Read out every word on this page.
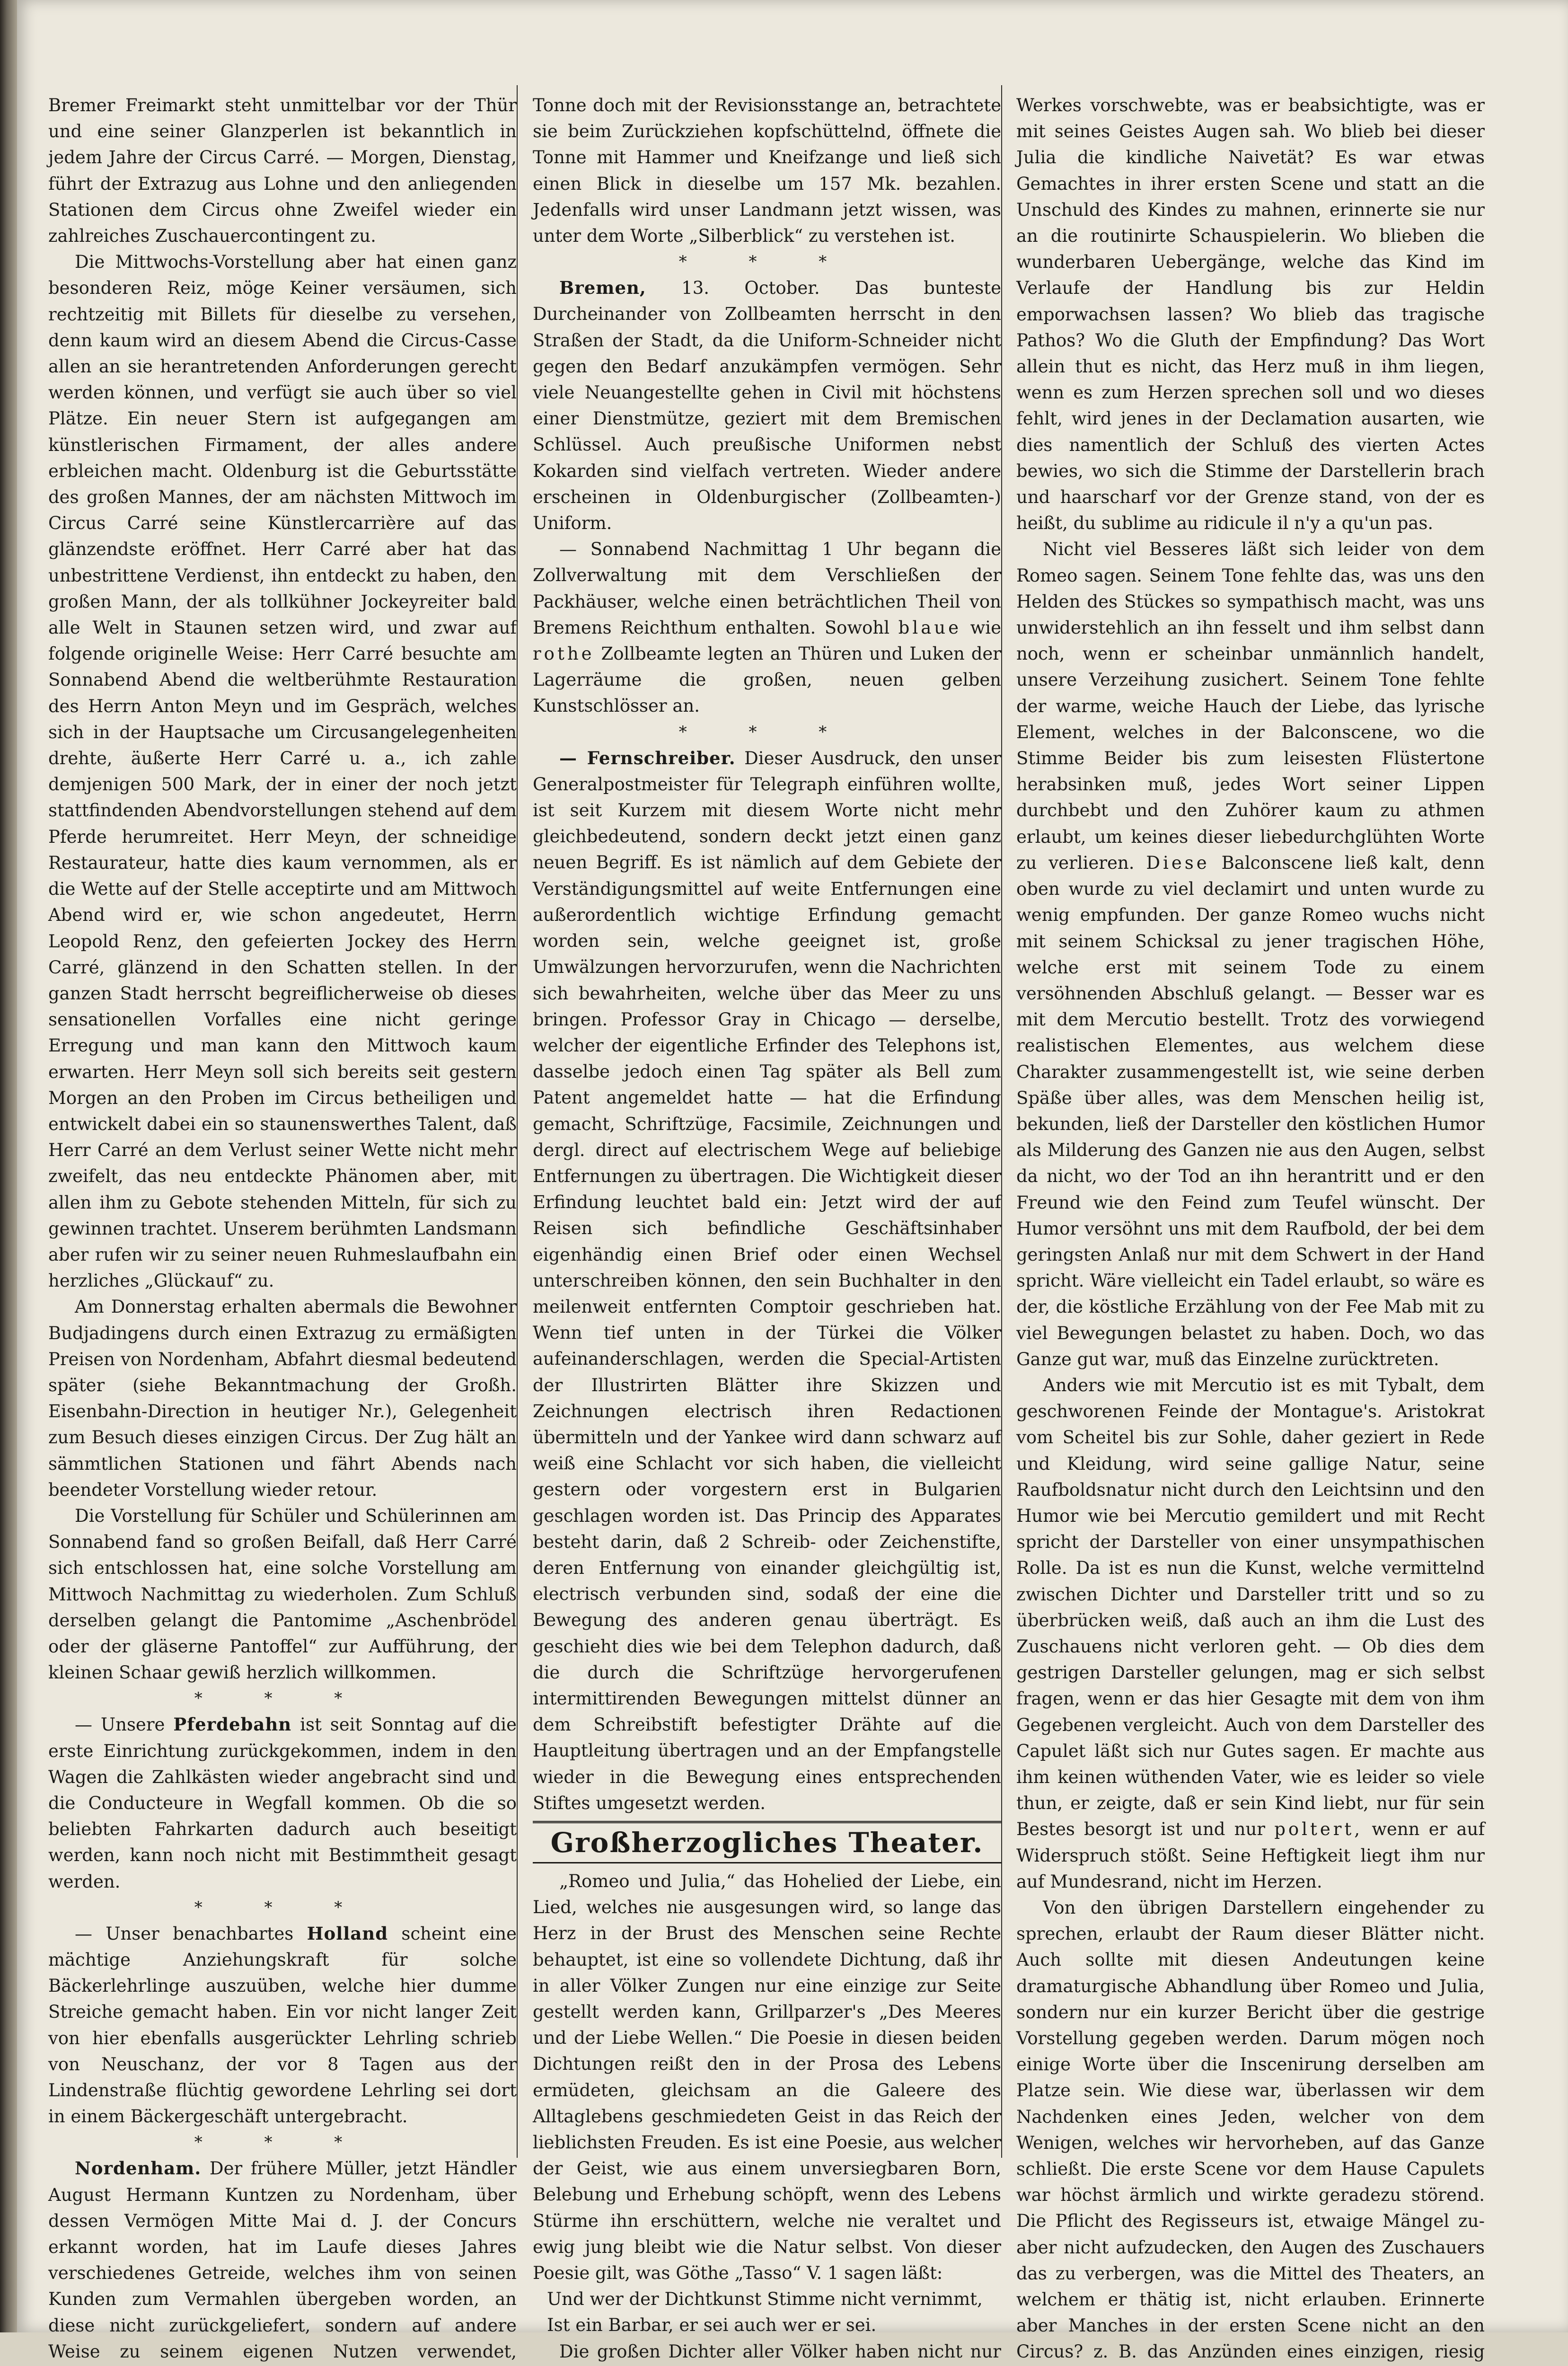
Bremer Freimarkt steht unmittelbar vor der Thür und eine seiner Glanzperlen ist bekanntlich in jedem Jahre der Circus Carré. — Morgen, Dienstag, führt der Extrazug aus Lohne und den anliegenden Stationen dem Circus ohne Zweifel wieder ein zahlreiches Zuschauercontingent zu.

Die Mittwochs-Vorstellung aber hat einen ganz besonderen Reiz, möge Keiner versäumen, sich rechtzeitig mit Billets für dieselbe zu versehen, denn kaum wird an diesem Abend die Circus-Casse allen an sie herantretenden Anforderungen gerecht werden können, und verfügt sie auch über so viel Plätze. Ein neuer Stern ist aufgegangen am künstlerischen Firmament, der alles andere erbleichen macht. Oldenburg ist die Geburtsstätte des großen Mannes, der am nächsten Mittwoch im Circus Carré seine Künstlercarrière auf das glänzendste eröffnet. Herr Carré aber hat das unbestrittene Verdienst, ihn entdeckt zu haben, den großen Mann, der als tollkühner Jockeyreiter bald alle Welt in Staunen setzen wird, und zwar auf folgende originelle Weise: Herr Carré besuchte am Sonnabend Abend die weltberühmte Restauration des Herrn Anton Meyn und im Gespräch, welches sich in der Hauptsache um Circusangelegenheiten drehte, äußerte Herr Carré u. a., ich zahle demjenigen 500 Mark, der in einer der noch jetzt stattfindenden Abendvorstellungen stehend auf dem Pferde herumreitet. Herr Meyn, der schneidige Restaurateur, hatte dies kaum vernommen, als er die Wette auf der Stelle acceptirte und am Mittwoch Abend wird er, wie schon angedeutet, Herrn Leopold Renz, den gefeierten Jockey des Herrn Carré, glänzend in den Schatten stellen. In der ganzen Stadt herrscht begreiflicherweise ob dieses sensationellen Vorfalles eine nicht geringe Erregung und man kann den Mittwoch kaum erwarten. Herr Meyn soll sich bereits seit gestern Morgen an den Proben im Circus betheiligen und entwickelt dabei ein so staunenswerthes Talent, daß Herr Carré an dem Verlust seiner Wette nicht mehr zweifelt, das neu entdeckte Phänomen aber, mit allen ihm zu Gebote stehenden Mitteln, für sich zu gewinnen trachtet. Unserem berühmten Landsmann aber rufen wir zu seiner neuen Ruhmeslaufbahn ein herzliches „Glückauf“ zu.

Am Donnerstag erhalten abermals die Bewohner Budjadingens durch einen Extrazug zu ermäßigten Preisen von Nordenham, Abfahrt diesmal bedeutend später (siehe Bekanntmachung der Großh. Eisenbahn-Direction in heutiger Nr.), Gelegenheit zum Besuch dieses einzigen Circus. Der Zug hält an sämmtlichen Stationen und fährt Abends nach beendeter Vorstellung wieder retour.

Die Vorstellung für Schüler und Schülerinnen am Sonnabend fand so großen Beifall, daß Herr Carré sich entschlossen hat, eine solche Vorstellung am Mittwoch Nachmittag zu wiederholen. Zum Schluß derselben gelangt die Pantomime „Aschenbrödel oder der gläserne Pantoffel“ zur Aufführung, der kleinen Schaar gewiß herzlich willkommen.

* * *

— Unsere Pferdebahn ist seit Sonntag auf die erste Einrichtung zurückgekommen, indem in den Wagen die Zahlkästen wieder angebracht sind und die Conducteure in Wegfall kommen. Ob die so beliebten Fahrkarten dadurch auch beseitigt werden, kann noch nicht mit Bestimmtheit gesagt werden.

* * *

— Unser benachbartes Holland scheint eine mächtige Anziehungskraft für solche Bäckerlehrlinge auszuüben, welche hier dumme Streiche gemacht haben. Ein vor nicht langer Zeit von hier ebenfalls ausgerückter Lehrling schrieb von Neuschanz, der vor 8 Tagen aus der Lindenstraße flüchtig gewordene Lehrling sei dort in einem Bäckergeschäft untergebracht.

* * *

Nordenham. Der frühere Müller, jetzt Händler August Hermann Kuntzen zu Nordenham, über dessen Vermögen Mitte Mai d. J. der Concurs erkannt worden, hat im Laufe dieses Jahres verschiedenes Getreide, welches ihm von seinen Kunden zum Vermahlen übergeben worden, an diese nicht zurückgeliefert, sondern auf andere Weise zu seinem eigenen Nutzen verwendet,

Tonne doch mit der Revisionsstange an, betrachtete sie beim Zurückziehen kopfschüttelnd, öffnete die Tonne mit Hammer und Kneifzange und ließ sich einen Blick in dieselbe um 157 Mk. bezahlen. Jedenfalls wird unser Landmann jetzt wissen, was unter dem Worte „Silberblick“ zu verstehen ist.

* * *

Bremen, 13. October. Das bunteste Durcheinander von Zollbeamten herrscht in den Straßen der Stadt, da die Uniform-Schneider nicht gegen den Bedarf anzukämpfen vermögen. Sehr viele Neuangestellte gehen in Civil mit höchstens einer Dienstmütze, geziert mit dem Bremischen Schlüssel. Auch preußische Uniformen nebst Kokarden sind vielfach vertreten. Wieder andere erscheinen in Oldenburgischer (Zollbeamten-) Uniform.

— Sonnabend Nachmittag 1 Uhr begann die Zollverwaltung mit dem Verschließen der Packhäuser, welche einen beträchtlichen Theil von Bremens Reichthum enthalten. Sowohl blaue wie rothe Zollbeamte legten an Thüren und Luken der Lagerräume die großen, neuen gelben Kunstschlösser an.

* * *

— Fernschreiber. Dieser Ausdruck, den unser Generalpostmeister für Telegraph einführen wollte, ist seit Kurzem mit diesem Worte nicht mehr gleichbedeutend, sondern deckt jetzt einen ganz neuen Begriff. Es ist nämlich auf dem Gebiete der Verständigungsmittel auf weite Entfernungen eine außerordentlich wichtige Erfindung gemacht worden sein, welche geeignet ist, große Umwälzungen hervorzurufen, wenn die Nachrichten sich bewahrheiten, welche über das Meer zu uns bringen. Professor Gray in Chicago — derselbe, welcher der eigentliche Erfinder des Telephons ist, dasselbe jedoch einen Tag später als Bell zum Patent angemeldet hatte — hat die Erfindung gemacht, Schriftzüge, Facsimile, Zeichnungen und dergl. direct auf electrischem Wege auf beliebige Entfernungen zu übertragen. Die Wichtigkeit dieser Erfindung leuchtet bald ein: Jetzt wird der auf Reisen sich befindliche Geschäftsinhaber eigenhändig einen Brief oder einen Wechsel unterschreiben können, den sein Buchhalter in den meilenweit entfernten Comptoir geschrieben hat. Wenn tief unten in der Türkei die Völker aufeinanderschlagen, werden die Special-Artisten der Illustrirten Blätter ihre Skizzen und Zeichnungen electrisch ihren Redactionen übermitteln und der Yankee wird dann schwarz auf weiß eine Schlacht vor sich haben, die vielleicht gestern oder vorgestern erst in Bulgarien geschlagen worden ist. Das Princip des Apparates besteht darin, daß 2 Schreib- oder Zeichenstifte, deren Entfernung von einander gleichgültig ist, electrisch verbunden sind, sodaß der eine die Bewegung des anderen genau überträgt. Es geschieht dies wie bei dem Telephon dadurch, daß die durch die Schriftzüge hervorgerufenen intermittirenden Bewegungen mittelst dünner an dem Schreibstift befestigter Drähte auf die Hauptleitung übertragen und an der Empfangstelle wieder in die Bewegung eines entsprechenden Stiftes umgesetzt werden.

Großherzogliches Theater.

„Romeo und Julia,“ das Hohelied der Liebe, ein Lied, welches nie ausgesungen wird, so lange das Herz in der Brust des Menschen seine Rechte behauptet, ist eine so vollendete Dichtung, daß ihr in aller Völker Zungen nur eine einzige zur Seite gestellt werden kann, Grillparzer's „Des Meeres und der Liebe Wellen.“ Die Poesie in diesen beiden Dichtungen reißt den in der Prosa des Lebens ermüdeten, gleichsam an die Galeere des Alltaglebens geschmiedeten Geist in das Reich der lieblichsten Freuden. Es ist eine Poesie, aus welcher der Geist, wie aus einem unversiegbaren Born, Belebung und Erhebung schöpft, wenn des Lebens Stürme ihn erschüttern, welche nie veraltet und ewig jung bleibt wie die Natur selbst. Von dieser Poesie gilt, was Göthe „Tasso“ V. 1 sagen läßt:

Und wer der Dichtkunst Stimme nicht vernimmt,

Ist ein Barbar, er sei auch wer er sei.

Die großen Dichter aller Völker haben nicht nur

Werkes vorschwebte, was er beabsichtigte, was er mit seines Geistes Augen sah. Wo blieb bei dieser Julia die kindliche Naivetät? Es war etwas Gemachtes in ihrer ersten Scene und statt an die Unschuld des Kindes zu mahnen, erinnerte sie nur an die routinirte Schauspielerin. Wo blieben die wunderbaren Uebergänge, welche das Kind im Verlaufe der Handlung bis zur Heldin emporwachsen lassen? Wo blieb das tragische Pathos? Wo die Gluth der Empfindung? Das Wort allein thut es nicht, das Herz muß in ihm liegen, wenn es zum Herzen sprechen soll und wo dieses fehlt, wird jenes in der Declamation ausarten, wie dies namentlich der Schluß des vierten Actes bewies, wo sich die Stimme der Darstellerin brach und haarscharf vor der Grenze stand, von der es heißt, du sublime au ridicule il n'y a qu'un pas.

Nicht viel Besseres läßt sich leider von dem Romeo sagen. Seinem Tone fehlte das, was uns den Helden des Stückes so sympathisch macht, was uns unwiderstehlich an ihn fesselt und ihm selbst dann noch, wenn er scheinbar unmännlich handelt, unsere Verzeihung zusichert. Seinem Tone fehlte der warme, weiche Hauch der Liebe, das lyrische Element, welches in der Balconscene, wo die Stimme Beider bis zum leisesten Flüstertone herabsinken muß, jedes Wort seiner Lippen durchbebt und den Zuhörer kaum zu athmen erlaubt, um keines dieser liebedurchglühten Worte zu verlieren. Diese Balconscene ließ kalt, denn oben wurde zu viel declamirt und unten wurde zu wenig empfunden. Der ganze Romeo wuchs nicht mit seinem Schicksal zu jener tragischen Höhe, welche erst mit seinem Tode zu einem versöhnenden Abschluß gelangt. — Besser war es mit dem Mercutio bestellt. Trotz des vorwiegend realistischen Elementes, aus welchem diese Charakter zusammengestellt ist, wie seine derben Späße über alles, was dem Menschen heilig ist, bekunden, ließ der Darsteller den köstlichen Humor als Milderung des Ganzen nie aus den Augen, selbst da nicht, wo der Tod an ihn herantritt und er den Freund wie den Feind zum Teufel wünscht. Der Humor versöhnt uns mit dem Raufbold, der bei dem geringsten Anlaß nur mit dem Schwert in der Hand spricht. Wäre vielleicht ein Tadel erlaubt, so wäre es der, die köstliche Erzählung von der Fee Mab mit zu viel Bewegungen belastet zu haben. Doch, wo das Ganze gut war, muß das Einzelne zurücktreten.

Anders wie mit Mercutio ist es mit Tybalt, dem geschworenen Feinde der Montague's. Aristokrat vom Scheitel bis zur Sohle, daher geziert in Rede und Kleidung, wird seine gallige Natur, seine Raufboldsnatur nicht durch den Leichtsinn und den Humor wie bei Mercutio gemildert und mit Recht spricht der Darsteller von einer unsympathischen Rolle. Da ist es nun die Kunst, welche vermittelnd zwischen Dichter und Darsteller tritt und so zu überbrücken weiß, daß auch an ihm die Lust des Zuschauens nicht verloren geht. — Ob dies dem gestrigen Darsteller gelungen, mag er sich selbst fragen, wenn er das hier Gesagte mit dem von ihm Gegebenen vergleicht. Auch von dem Darsteller des Capulet läßt sich nur Gutes sagen. Er machte aus ihm keinen wüthenden Vater, wie es leider so viele thun, er zeigte, daß er sein Kind liebt, nur für sein Bestes besorgt ist und nur poltert, wenn er auf Widerspruch stößt. Seine Heftigkeit liegt ihm nur auf Mundesrand, nicht im Herzen.

Von den übrigen Darstellern eingehender zu sprechen, erlaubt der Raum dieser Blätter nicht. Auch sollte mit diesen Andeutungen keine dramaturgische Abhandlung über Romeo und Julia, sondern nur ein kurzer Bericht über die gestrige Vorstellung gegeben werden. Darum mögen noch einige Worte über die Inscenirung derselben am Platze sein. Wie diese war, überlassen wir dem Nachdenken eines Jeden, welcher von dem Wenigen, welches wir hervorheben, auf das Ganze schließt. Die erste Scene vor dem Hause Capulets war höchst ärmlich und wirkte geradezu störend. Die Pflicht des Regisseurs ist, etwaige Mängel zu- aber nicht aufzudecken, den Augen des Zuschauers das zu verbergen, was die Mittel des Theaters, an welchem er thätig ist, nicht erlauben. Erinnerte aber Manches in der ersten Scene nicht an den Circus? z. B. das Anzünden eines einzigen, riesig
